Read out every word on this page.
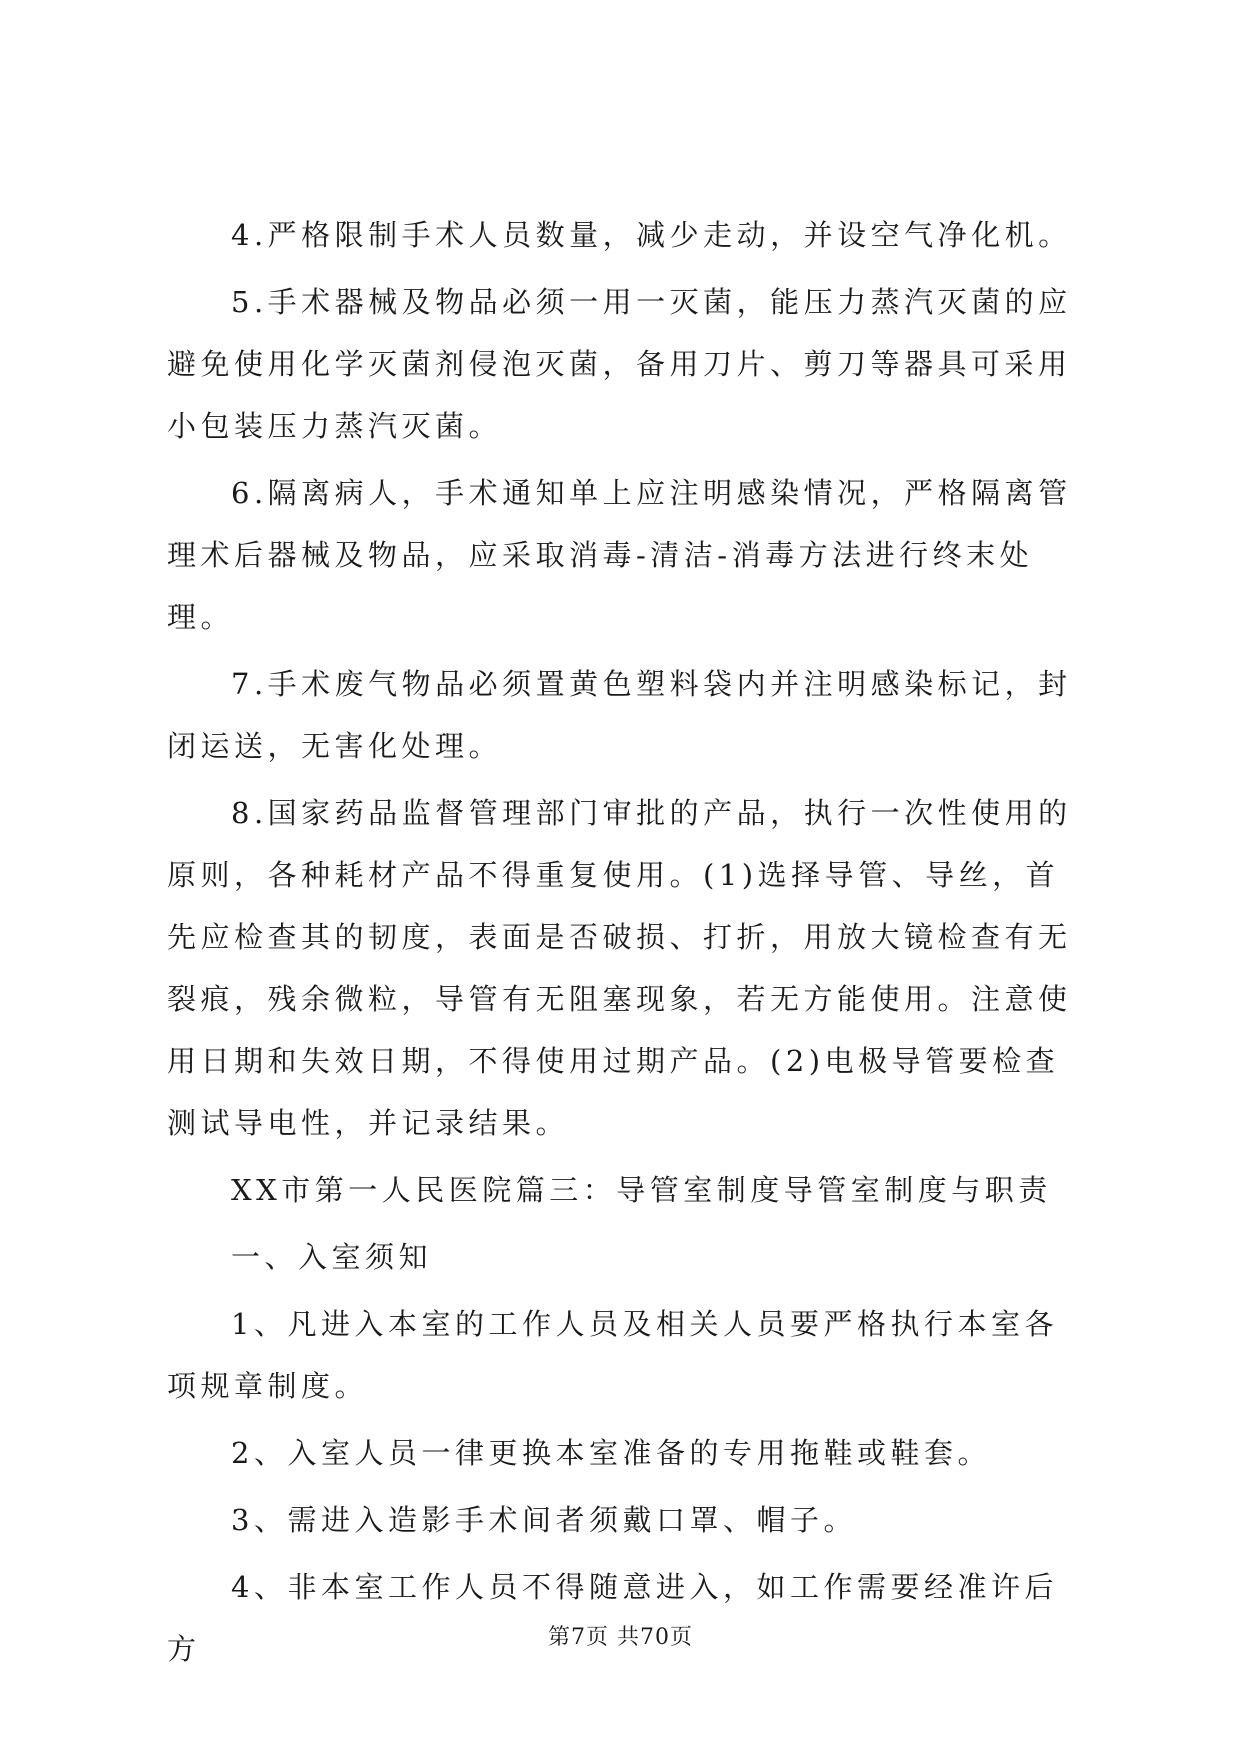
4.严格限制手术人员数量，减少走动，并设空气净化机。

5.手术器械及物品必须一用一灭菌，能压力蒸汽灭菌的应避免使用化学灭菌剂侵泡灭菌，备用刀片、剪刀等器具可采用小包装压力蒸汽灭菌。

6.隔离病人，手术通知单上应注明感染情况，严格隔离管理术后器械及物品，应采取消毒-清洁-消毒方法进行终末处理。

7.手术废气物品必须置黄色塑料袋内并注明感染标记，封闭运送，无害化处理。

8.国家药品监督管理部门审批的产品，执行一次性使用的原则，各种耗材产品不得重复使用。(1)选择导管、导丝，首先应检查其的韧度，表面是否破损、打折，用放大镜检查有无裂痕，残余微粒，导管有无阻塞现象，若无方能使用。注意使用日期和失效日期，不得使用过期产品。(2)电极导管要检查测试导电性，并记录结果。

XX市第一人民医院篇三：导管室制度导管室制度与职责

一、入室须知

1、凡进入本室的工作人员及相关人员要严格执行本室各项规章制度。

2、入室人员一律更换本室准备的专用拖鞋或鞋套。

3、需进入造影手术间者须戴口罩、帽子。

4、非本室工作人员不得随意进入，如工作需要经准许后方	第7页 共70页
